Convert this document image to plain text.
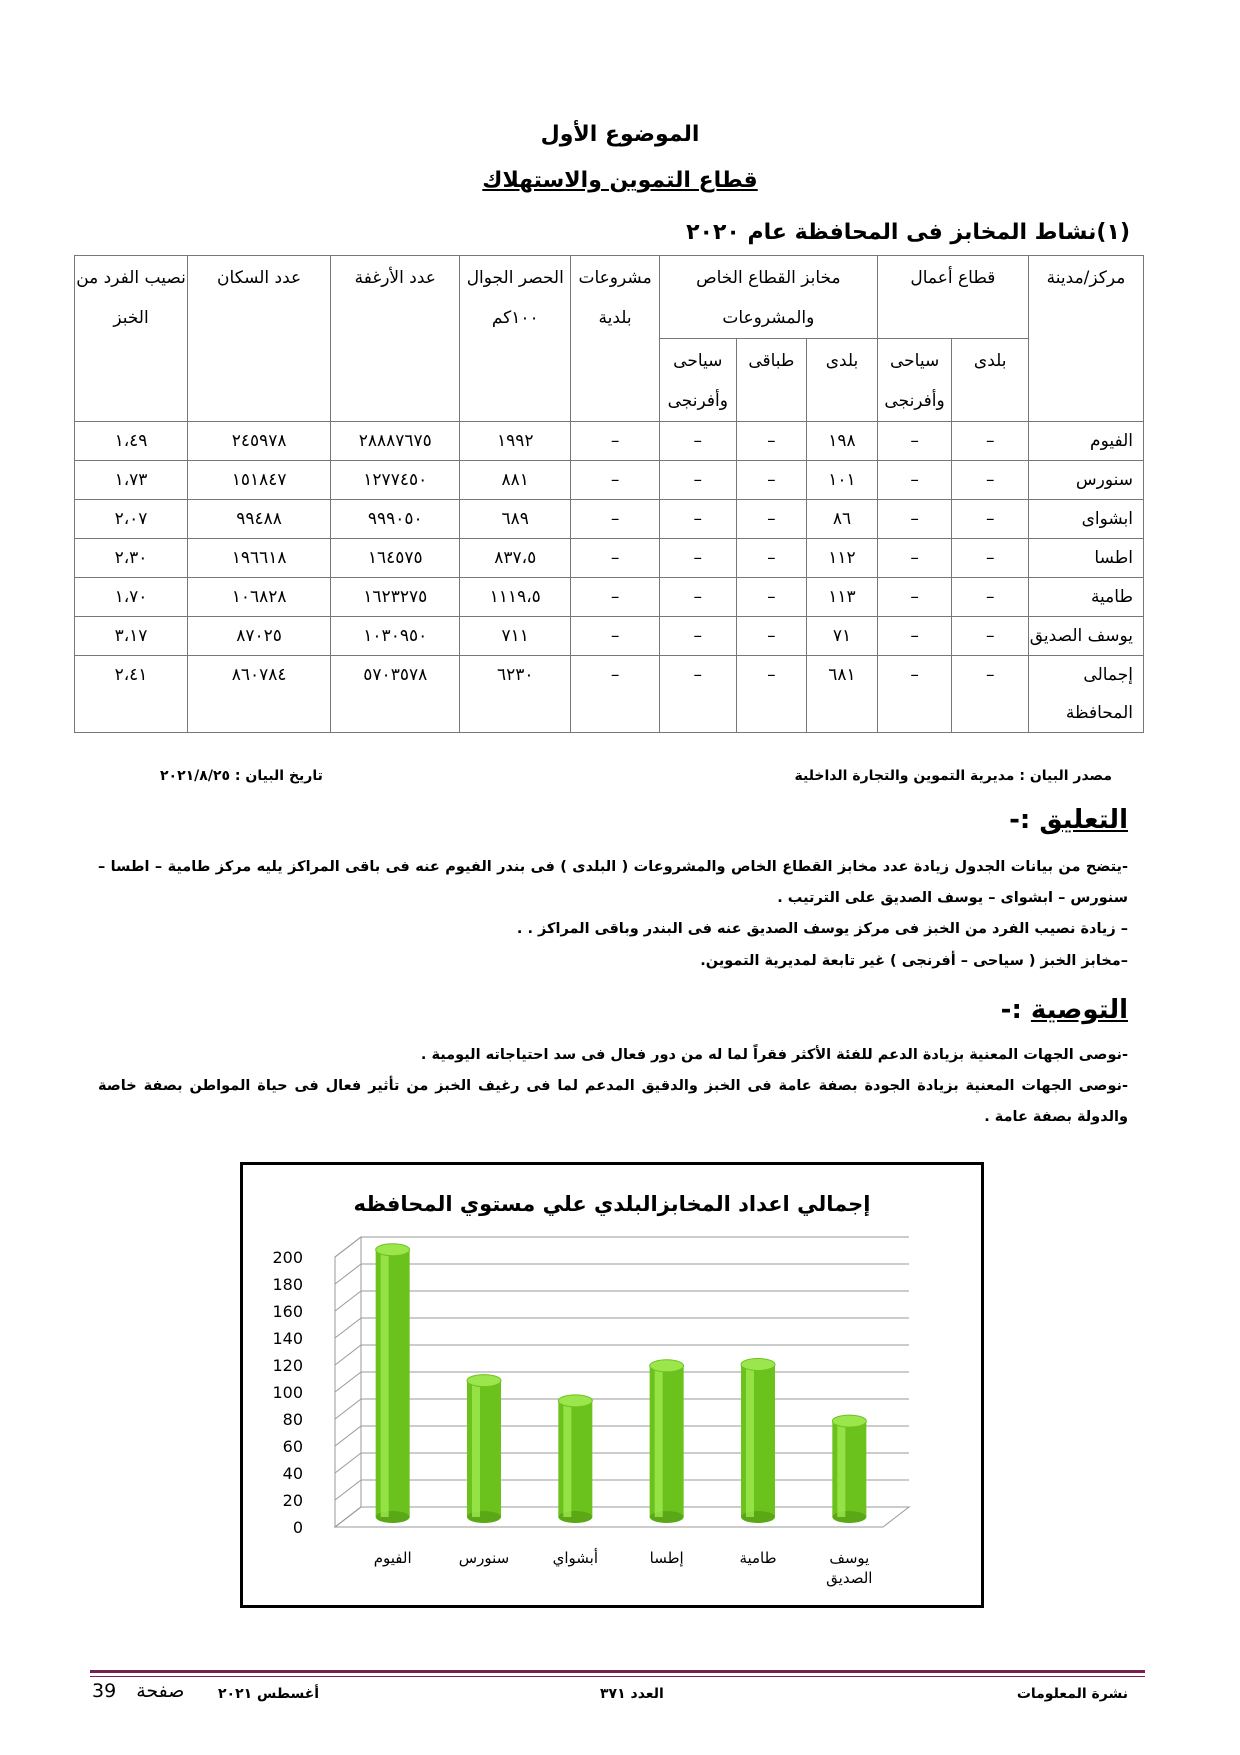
الموضوع الأول
قطاع التموين والاستهلاك
(١)نشاط المخابز فى المحافظة عام ٢٠٢٠
مركز/مدينة	قطاع أعمال		مخابز القطاع الخاص والمشروعات			مشروعات بلدية	الحصر الجوال ١٠٠كم	عدد الأرغفة	عدد السكان	نصيب الفرد من الخبز
	بلدى	سياحى وأفرنجى	بلدى	طباقى	سياحى وأفرنجى					
الفيوم	–	–	١٩٨	–	–	–	١٩٩٢	٢٨٨٨٧٦٧٥	٢٤٥٩٧٨	١،٤٩
سنورس	–	–	١٠١	–	–	–	٨٨١	١٢٧٧٤٥٠	١٥١٨٤٧	١،٧٣
ابشواى	–	–	٨٦	–	–	–	٦٨٩	٩٩٩٠٥٠	٩٩٤٨٨	٢،٠٧
اطسا	–	–	١١٢	–	–	–	٨٣٧،٥	١٦٤٥٧٥	١٩٦٦١٨	٢،٣٠
طامية	–	–	١١٣	–	–	–	١١١٩،٥	١٦٢٣٢٧٥	١٠٦٨٢٨	١،٧٠
يوسف الصديق	–	–	٧١	–	–	–	٧١١	١٠٣٠٩٥٠	٨٧٠٢٥	٣،١٧
إجمالى المحافظة	–	–	٦٨١	–	–	–	٦٢٣٠	٥٧٠٣٥٧٨	٨٦٠٧٨٤	٢،٤١
مصدر البيان : مديرية التموين والتجارة الداخلية
تاريخ البيان : ٢٠٢١/٨/٢٥
التعليق :-
-يتضح من بيانات الجدول زيادة عدد مخابز القطاع الخاص والمشروعات ( البلدى ) فى بندر الفيوم عنه فى باقى المراكز يليه مركز طامية – اطسا – سنورس – ابشواى – يوسف الصديق على الترتيب .
– زيادة نصيب الفرد من الخبز فى مركز يوسف الصديق عنه فى البندر وباقى المراكز . .
–مخابز الخبز ( سياحى – أفرنجى ) غير تابعة لمديرية التموين.
التوصية :-
-نوصى الجهات المعنية بزيادة الدعم للفئة الأكثر فقراً لما له من دور فعال فى سد احتياجاته اليومية .
-نوصى الجهات المعنية بزيادة الجودة بصفة عامة فى الخبز والدقيق المدعم لما فى رغيف الخبز من تأثير فعال فى حياة المواطن بصفة خاصة والدولة بصفة عامة .
إجمالي اعداد المخابزالبلدي علي مستوي المحافظه
0
20
40
60
80
100
120
140
160
180
200
الفيوم	سنورس	أبشواي	إطسا	طامية	يوسف الصديق
نشرة المعلومات
العدد ٣٧١
أغسطس ٢٠٢١
39 صفحة
